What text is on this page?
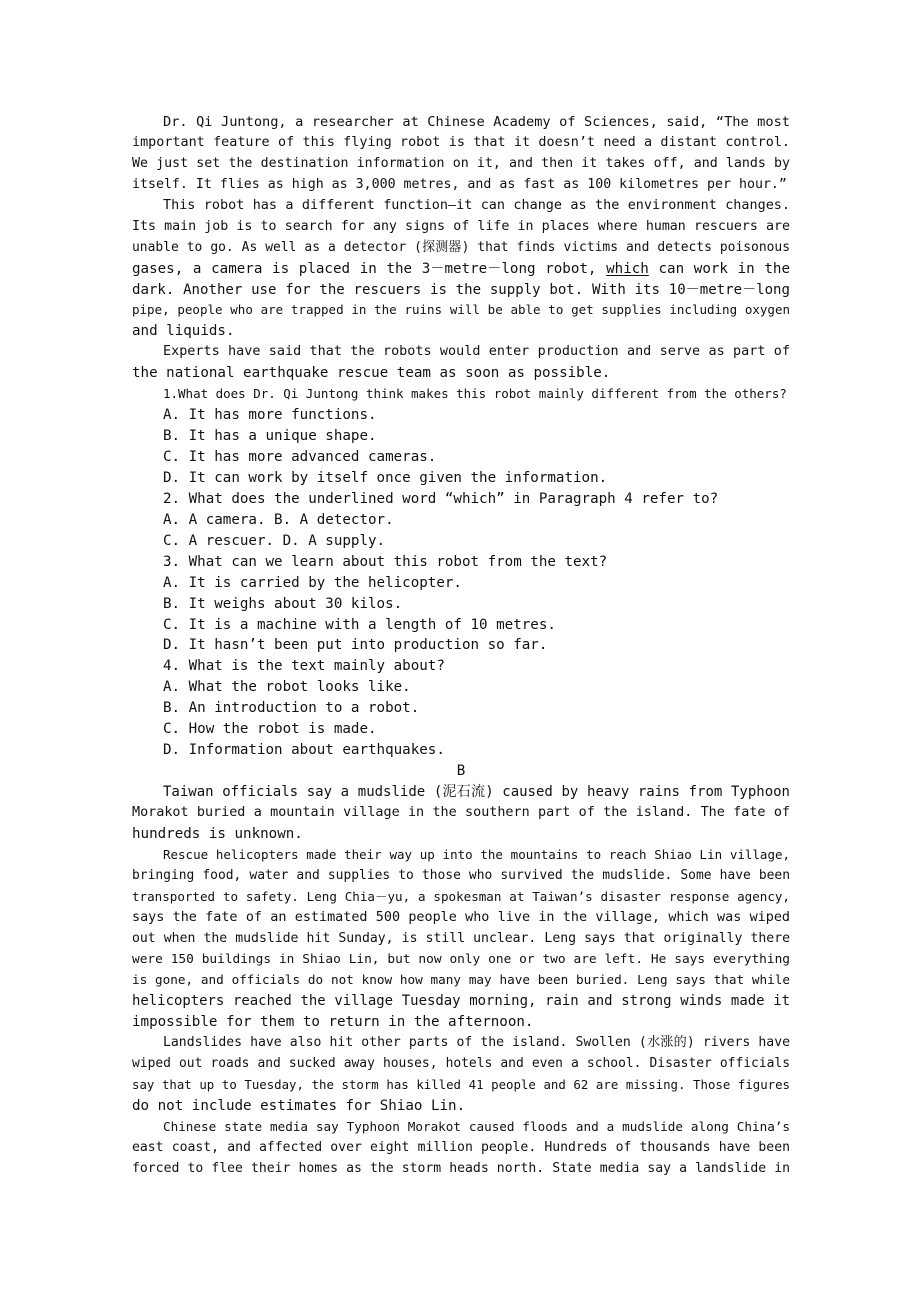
Dr. Qi Juntong, a researcher at Chinese Academy of Sciences, said, “The most
important feature of this flying robot is that it doesn’t need a distant control.
We just set the destination information on it, and then it takes off, and lands by
itself. It flies as high as 3,000 metres, and as fast as 100 kilometres per hour.”
This robot has a different function—it can change as the environment changes.
Its main job is to search for any signs of life in places where human rescuers are
unable to go. As well as a detector (探测器) that finds victims and detects poisonous
gases, a camera is placed in the 3－metre－long robot, which can work in the
dark. Another use for the rescuers is the supply bot. With its 10－metre－long
pipe, people who are trapped in the ruins will be able to get supplies including oxygen
and liquids.
Experts have said that the robots would enter production and serve as part of
the national earthquake rescue team as soon as possible.
1.What does Dr. Qi Juntong think makes this robot mainly different from the others?
A. It has more functions.
B. It has a unique shape.
C. It has more advanced cameras.
D. It can work by itself once given the information.
2. What does the underlined word “which” in Paragraph 4 refer to?
A. A camera. B. A detector.
C. A rescuer. D. A supply.
3. What can we learn about this robot from the text?
A. It is carried by the helicopter.
B. It weighs about 30 kilos.
C. It is a machine with a length of 10 metres.
D. It hasn’t been put into production so far.
4. What is the text mainly about?
A. What the robot looks like.
B. An introduction to a robot.
C. How the robot is made.
D. Information about earthquakes.
B
Taiwan officials say a mudslide (泥石流) caused by heavy rains from Typhoon
Morakot buried a mountain village in the southern part of the island. The fate of
hundreds is unknown.
Rescue helicopters made their way up into the mountains to reach Shiao Lin village,
bringing food, water and supplies to those who survived the mudslide. Some have been
transported to safety. Leng Chia－yu, a spokesman at Taiwan’s disaster response agency,
says the fate of an estimated 500 people who live in the village, which was wiped
out when the mudslide hit Sunday, is still unclear. Leng says that originally there
were 150 buildings in Shiao Lin, but now only one or two are left. He says everything
is gone, and officials do not know how many may have been buried. Leng says that while
helicopters reached the village Tuesday morning, rain and strong winds made it
impossible for them to return in the afternoon.
Landslides have also hit other parts of the island. Swollen (水涨的) rivers have
wiped out roads and sucked away houses, hotels and even a school. Disaster officials
say that up to Tuesday, the storm has killed 41 people and 62 are missing. Those figures
do not include estimates for Shiao Lin.
Chinese state media say Typhoon Morakot caused floods and a mudslide along China’s
east coast, and affected over eight million people. Hundreds of thousands have been
forced to flee their homes as the storm heads north. State media say a landslide in
